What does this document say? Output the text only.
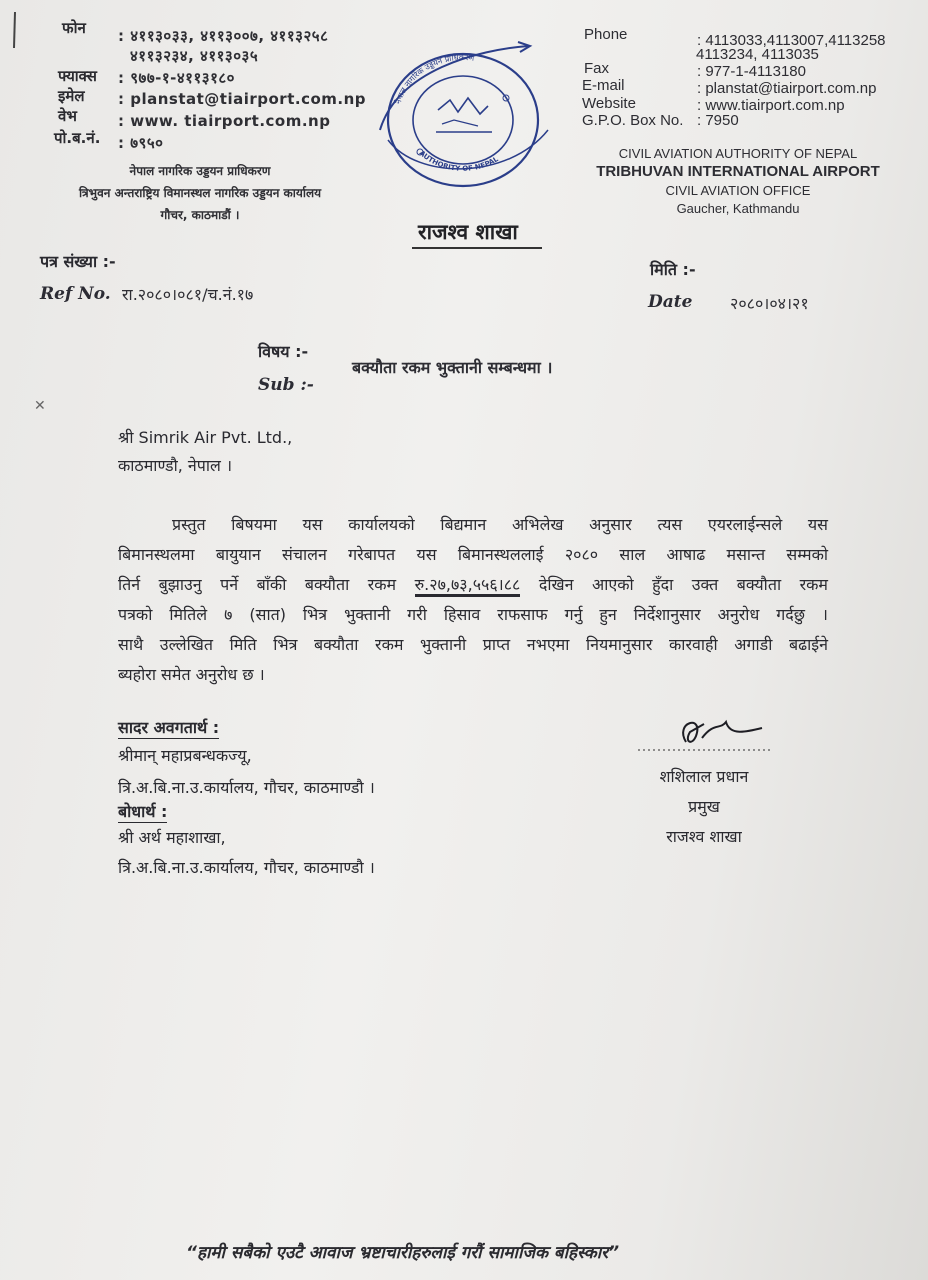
फोन : ४११३०३३, ४११३००७, ४११३२५८
४११३२३४, ४११३०३५
फ्याक्स : ९७७-१-४११३१८०
इमेल : planstat@tiairport.com.np
वेभ	: www. tiairport.com.np
पो.ब.नं. : ७९५०
नेपाल नागरिक उड्डयन प्राधिकरण
त्रिभुवन अन्तराष्ट्रिय विमानस्थल नागरिक उड्डयन कार्यालय
गौचर, काठमाडौं ।
नेपाल नागरिक उड्डयन प्राधिकरण
AUTHORITY OF NEPAL
Phone	: 4113033,4113007,4113258
4113234, 4113035
Fax	: 977-1-4113180
E-mail	: planstat@tiairport.com.np
Website	: www.tiairport.com.np
G.P.O. Box No. : 7950
CIVIL AVIATION AUTHORITY OF NEPAL
TRIBHUVAN INTERNATIONAL AIRPORT
CIVIL AVIATION OFFICE
Gaucher, Kathmandu
राजश्व शाखा
पत्र संख्या :-
Ref No. रा.२०८०।०८१/च.नं.१७
मिति :-
Date २०८०।०४।२१
विषय :-
Sub :-
बक्यौता रकम भुक्तानी सम्बन्धमा ।
✕
श्री Simrik Air Pvt. Ltd.,
काठमाण्डौ, नेपाल ।
प्रस्तुत बिषयमा यस कार्यालयको बिद्यमान अभिलेख अनुसार त्यस एयरलाईन्सले यस
बिमानस्थलमा बायुयान संचालन गरेबापत यस बिमानस्थललाई २०८० साल आषाढ मसान्त सम्मको
तिर्न बुझाउनु पर्ने बाँकी बक्यौता रकम रु.२७,७३,५५६।८८ देखिन आएको हुँदा उक्त बक्यौता रकम
पत्रको मितिले ७ (सात) भित्र भुक्तानी गरी हिसाव राफसाफ गर्नु हुन निर्देशानुसार अनुरोध गर्दछु ।
साथै उल्लेखित मिति भित्र बक्यौता रकम भुक्तानी प्राप्त नभएमा नियमानुसार कारवाही अगाडी बढाईने
ब्यहोरा समेत अनुरोध छ ।
सादर अवगतार्थ :
श्रीमान् महाप्रबन्धकज्यू,
त्रि.अ.बि.ना.उ.कार्यालय, गौचर, काठमाण्डौ ।
बोधार्थ :
श्री अर्थ महाशाखा,
त्रि.अ.बि.ना.उ.कार्यालय, गौचर, काठमाण्डौ ।
शशिलाल प्रधान
प्रमुख
राजश्व शाखा
“हामी सबैको एउटै आवाज भ्रष्टाचारीहरुलाई गरौं सामाजिक बहिस्कार”
